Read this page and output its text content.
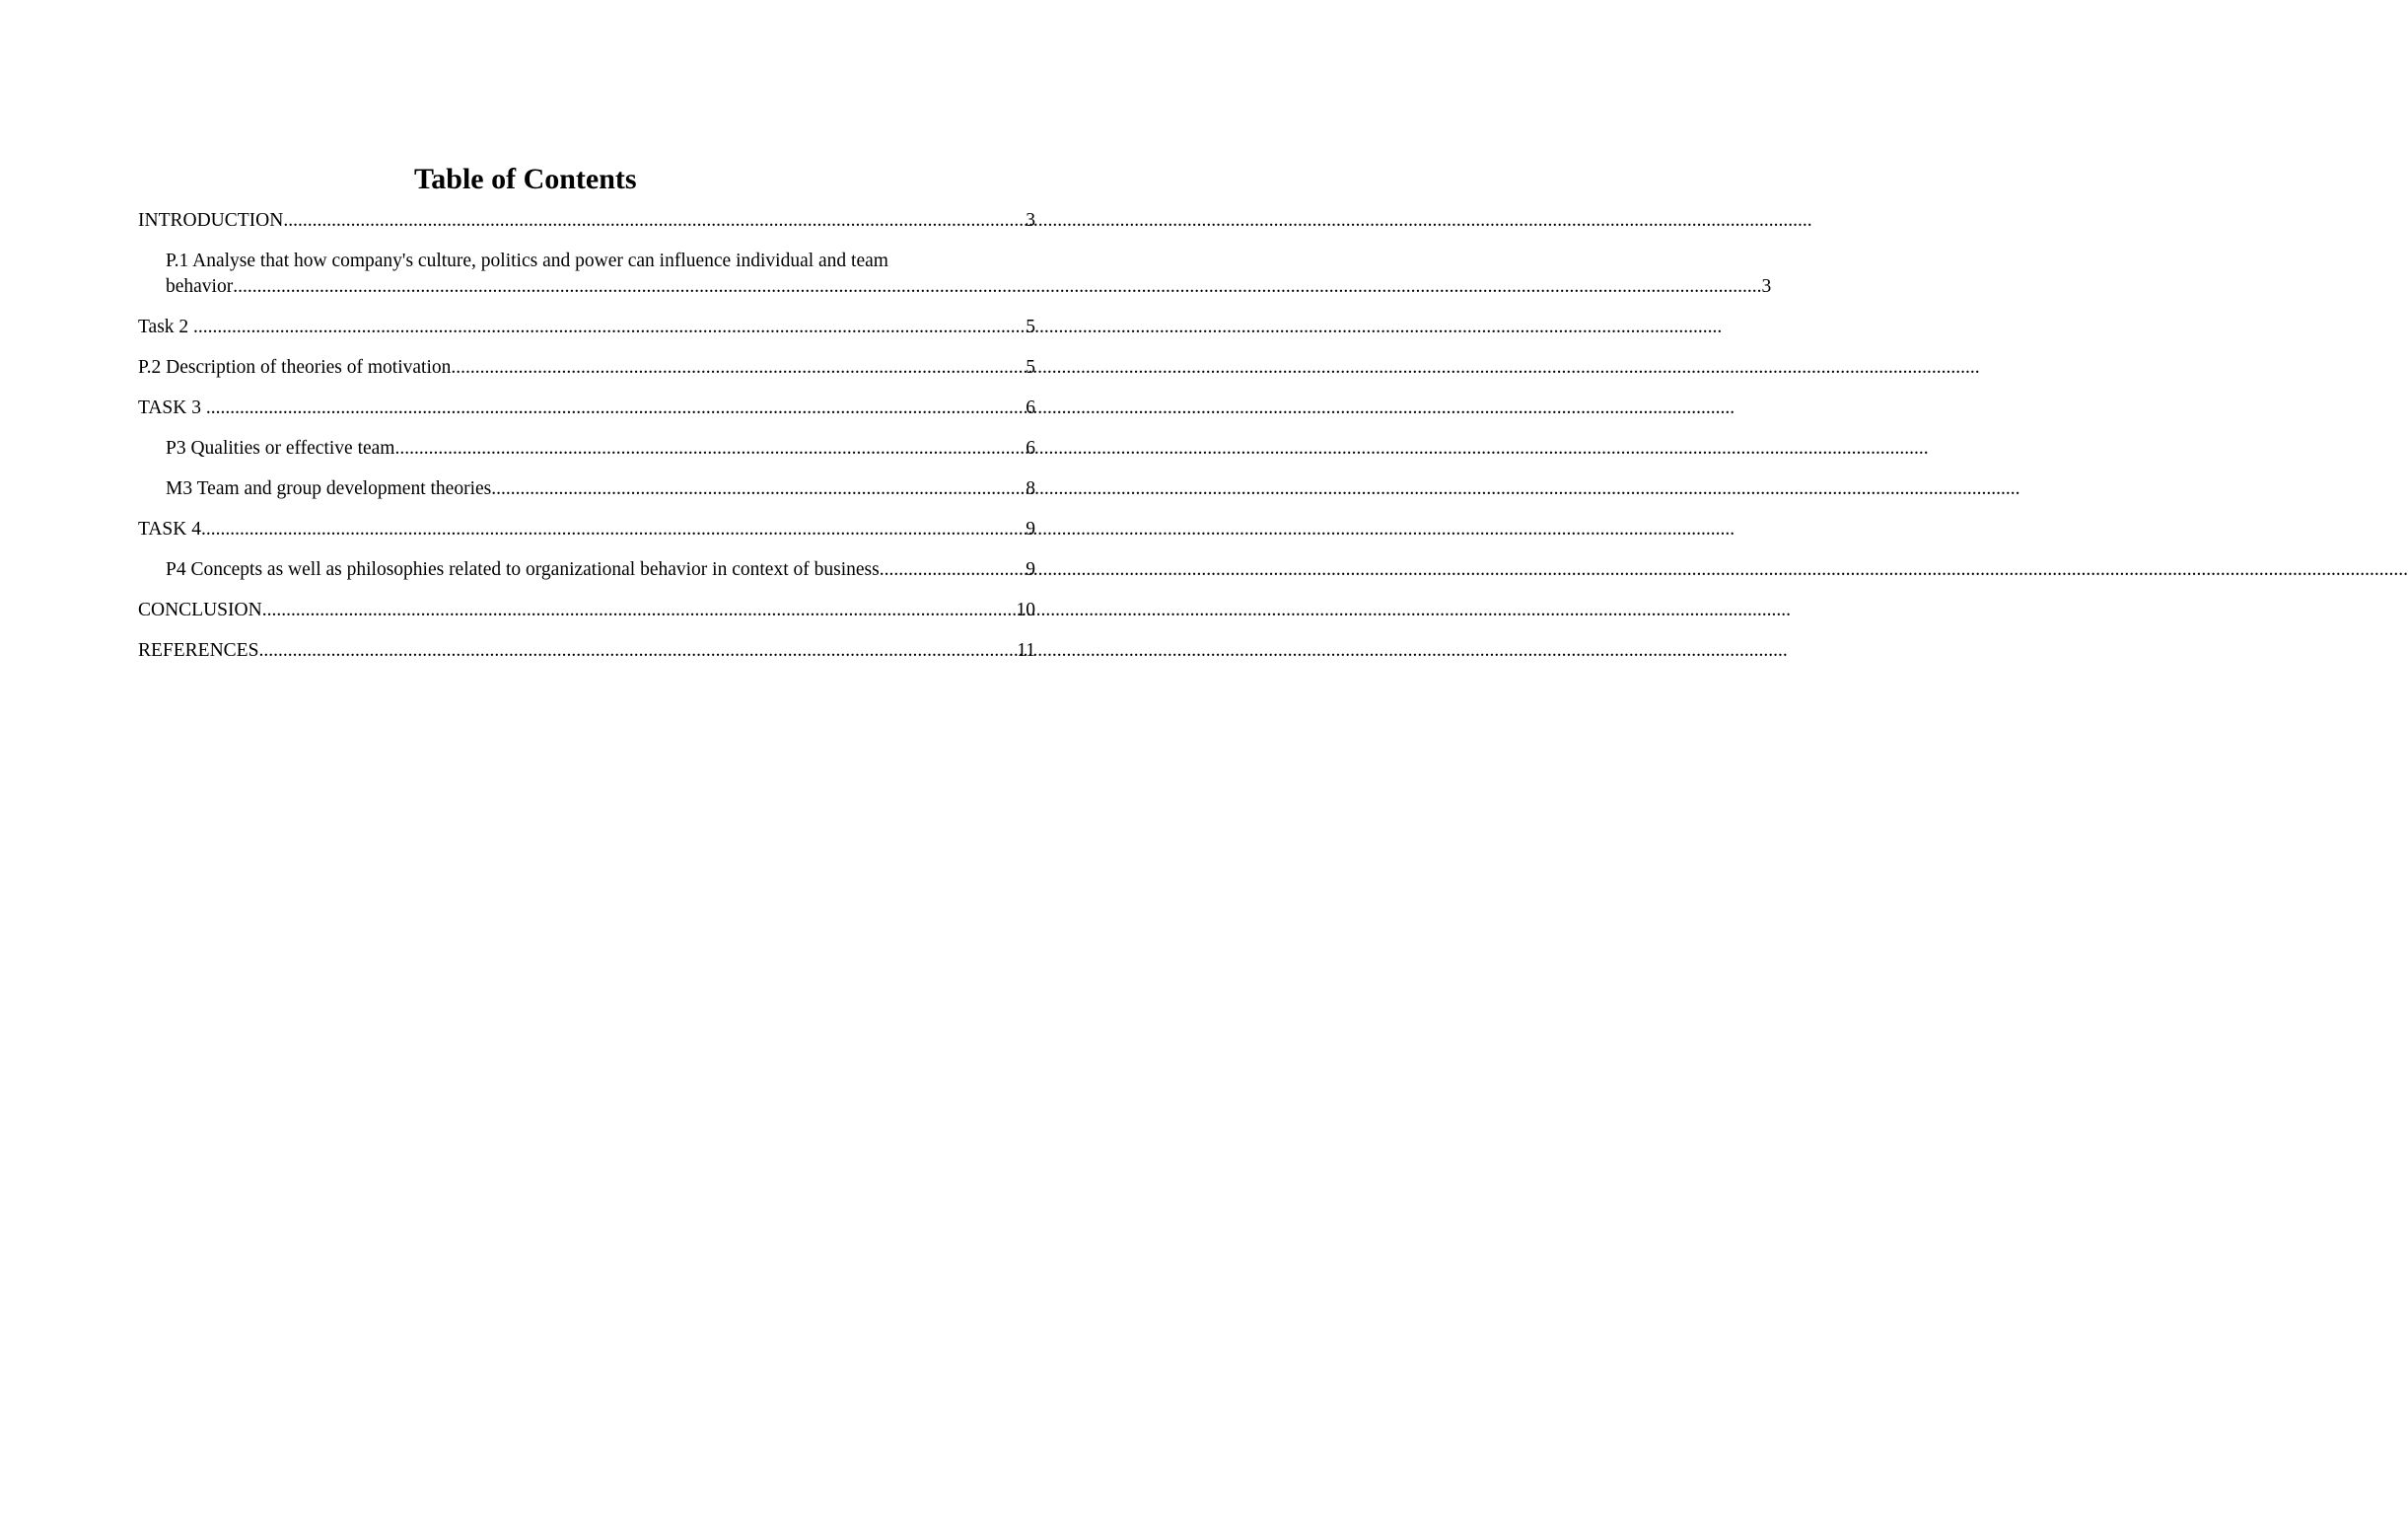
Table of Contents
INTRODUCTION .....	3
P.1 Analyse that how company's culture, politics and power can influence individual and team
behavior .....	3
Task 2 .....	5
P.2 Description of theories of motivation .....	5
TASK 3 .....	6
P3 Qualities or effective team. .....	6
M3 Team and group development theories .....	8
TASK 4. .....	9
P4 Concepts as well as philosophies related to organizational behavior in context of business .....	9
CONCLUSION .....	10
REFERENCES .....	11
